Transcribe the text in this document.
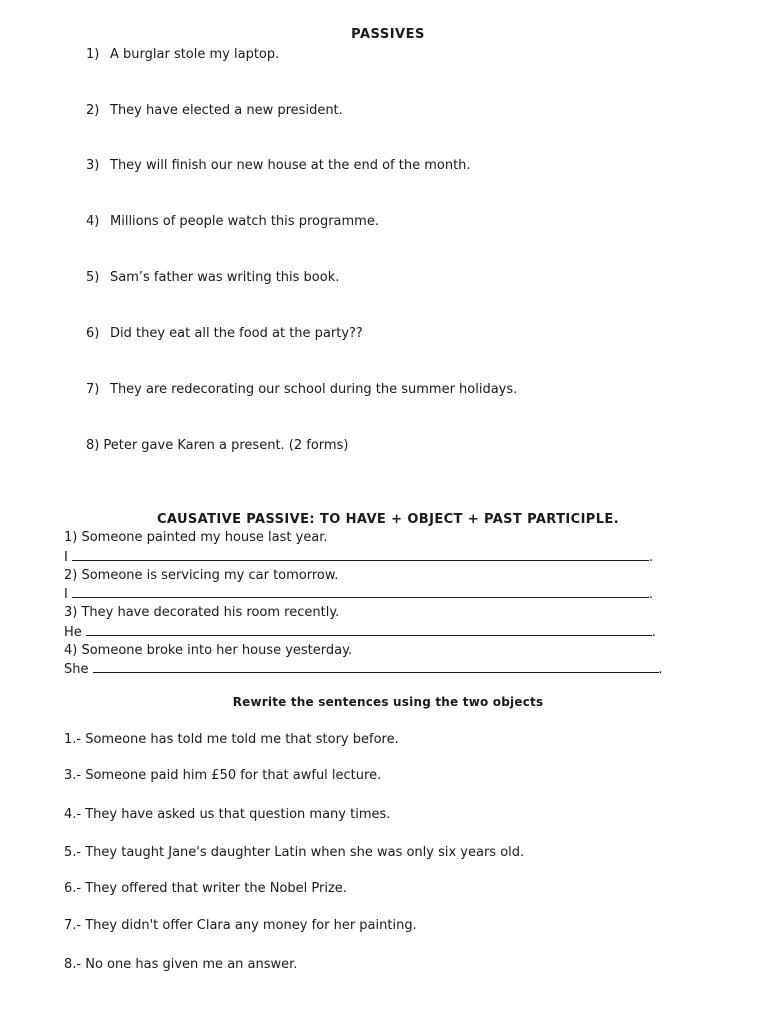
PASSIVES
1) A burglar stole my laptop.
2) They have elected a new president.
3) They will finish our new house at the end of the month.
4) Millions of people watch this programme.
5) Sam’s father was writing this book.
6) Did they eat all the food at the party??
7) They are redecorating our school during the summer holidays.
8) Peter gave Karen a present. (2 forms)
CAUSATIVE PASSIVE: TO HAVE + OBJECT + PAST PARTICIPLE.
1) Someone painted my house last year.
I	.
2) Someone is servicing my car tomorrow.
I	.
3) They have decorated his room recently.
He	.
4) Someone broke into her house yesterday.
She	.
Rewrite the sentences using the two objects
1.- Someone has told me told me that story before.
3.- Someone paid him £50 for that awful lecture.
4.- They have asked us that question many times.
5.- They taught Jane's daughter Latin when she was only six years old.
6.- They offered that writer the Nobel Prize.
7.- They didn't offer Clara any money for her painting.
8.- No one has given me an answer.
